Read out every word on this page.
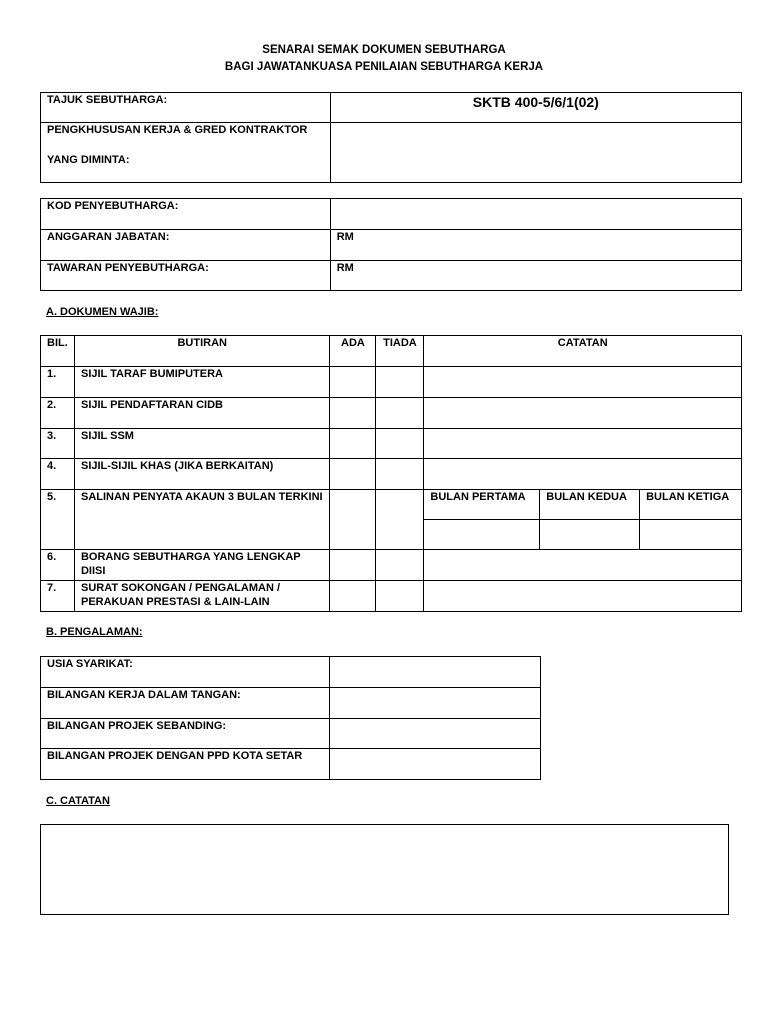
SENARAI SEMAK DOKUMEN SEBUTHARGA
BAGI JAWATANKUASA PENILAIAN SEBUTHARGA KERJA
TAJUK SEBUTHARGA:	SKTB 400-5/6/1(02)

PENGKHUSUSAN KERJA & GRED KONTRAKTOR
YANG DIMINTA:	

KOD PENYEBUTHARGA:	
ANGGARAN JABATAN:	RM
TAWARAN PENYEBUTHARGA:	RM
A. DOKUMEN WAJIB:
BIL.	BUTIRAN	ADA	TIADA	CATATAN		
1.	SIJIL TARAF BUMIPUTERA					
2.	SIJIL PENDAFTARAN CIDB					
3.	SIJIL SSM					
4.	SIJIL-SIJIL KHAS (JIKA BERKAITAN)					
5.	SALINAN PENYATA AKAUN 3 BULAN TERKINI			BULAN PERTAMA	BULAN KEDUA	BULAN KETIGA

6.	BORANG SEBUTHARGA YANG LENGKAP DIISI					
7.	SURAT SOKONGAN / PENGALAMAN /
PERAKUAN PRESTASI & LAIN-LAIN					

B. PENGALAMAN:
USIA SYARIKAT:	
BILANGAN KERJA DALAM TANGAN:	
BILANGAN PROJEK SEBANDING:	
BILANGAN PROJEK DENGAN PPD KOTA SETAR	
C. CATATAN
